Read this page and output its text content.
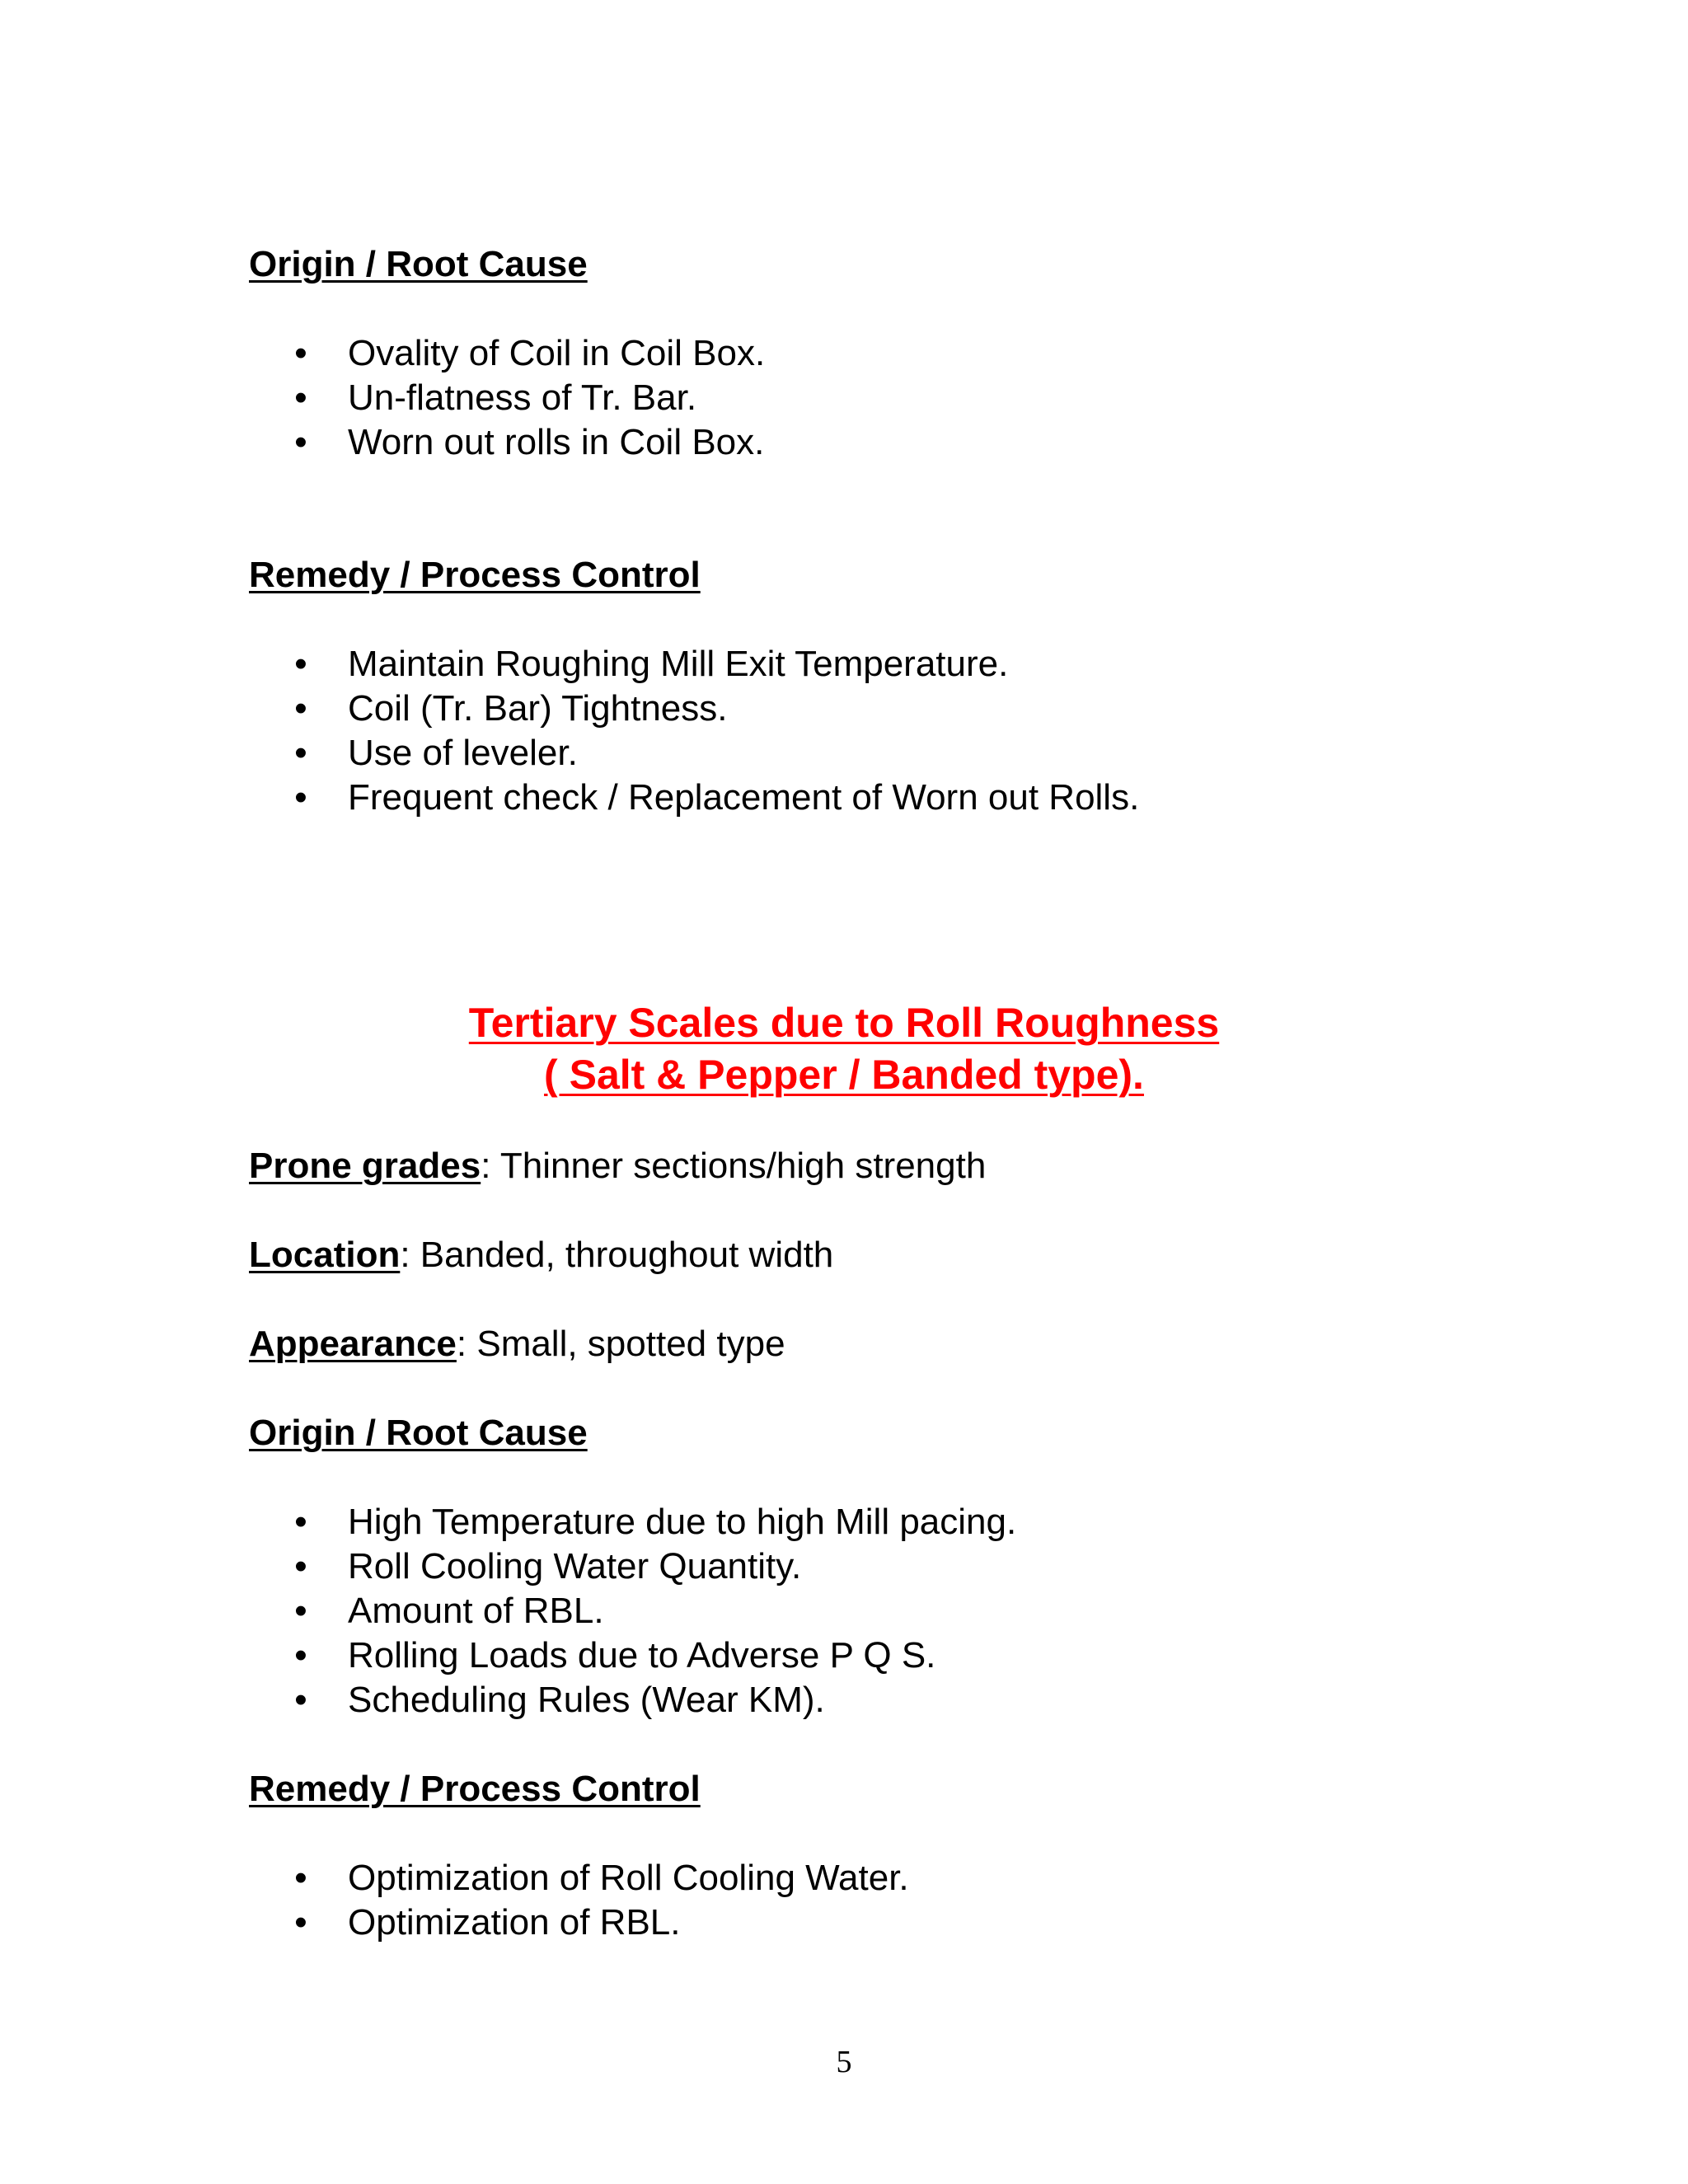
Origin / Root Cause
• Ovality of Coil in Coil Box.
• Un-flatness of Tr. Bar.
• Worn out rolls in Coil Box.
Remedy / Process Control
• Maintain Roughing Mill Exit Temperature.
• Coil (Tr. Bar) Tightness.
• Use of leveler.
• Frequent check / Replacement of Worn out Rolls.
Tertiary Scales due to Roll Roughness
( Salt & Pepper / Banded type).
Prone grades: Thinner sections/high strength
Location: Banded, throughout width
Appearance: Small, spotted type
Origin / Root Cause
• High Temperature due to high Mill pacing.
• Roll Cooling Water Quantity.
• Amount of RBL.
• Rolling Loads due to Adverse P Q S.
• Scheduling Rules (Wear KM).
Remedy / Process Control
• Optimization of Roll Cooling Water.
• Optimization of RBL.
5
